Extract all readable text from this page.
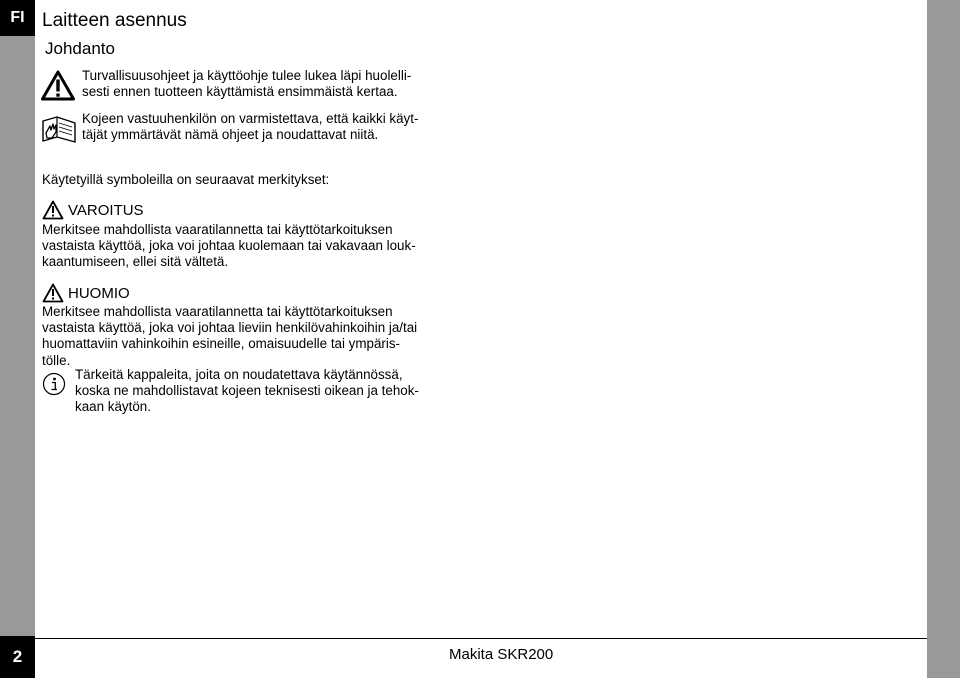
FI
2
Laitteen asennus
Johdanto

Turvallisuusohjeet ja käyttöohje tulee lukea läpi huolelli-
sesti ennen tuotteen käyttämistä ensimmäistä kertaa.

Kojeen vastuuhenkilön on varmistettava, että kaikki käyt-
täjät ymmärtävät nämä ohjeet ja noudattavat niitä.

Käytetyillä symboleilla on seuraavat merkitykset:

VAROITUS

Merkitsee mahdollista vaaratilannetta tai käyttötarkoituksen
vastaista käyttöä, joka voi johtaa kuolemaan tai vakavaan louk-
kaantumiseen, ellei sitä vältetä.

HUOMIO

Merkitsee mahdollista vaaratilannetta tai käyttötarkoituksen
vastaista käyttöä, joka voi johtaa lieviin henkilövahinkoihin ja/tai
huomattaviin vahinkoihin esineille, omaisuudelle tai ympäris-
tölle.

Tärkeitä kappaleita, joita on noudatettava käytännössä,
koska ne mahdollistavat kojeen teknisesti oikean ja tehok-
kaan käytön.

Makita SKR200
